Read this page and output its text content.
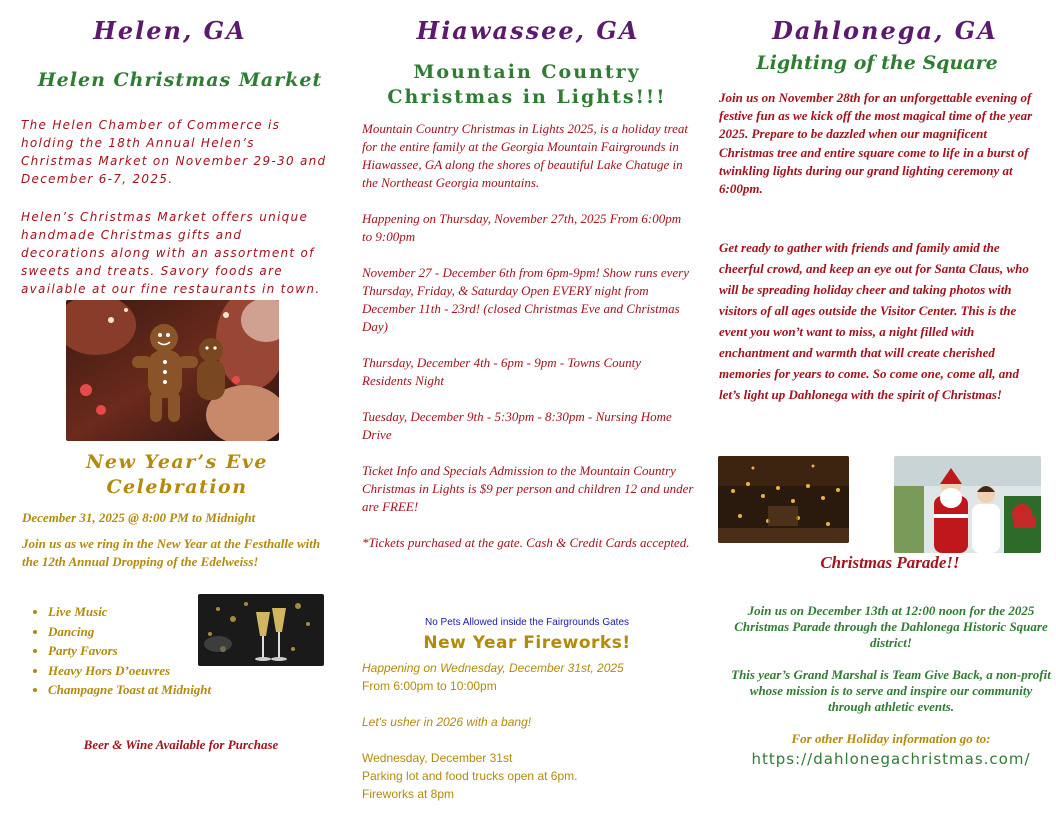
Helen, GA
Helen Christmas Market

The Helen Chamber of Commerce is holding the 18th Annual Helen’s Christmas Market on November 29-30 and December 6-7, 2025.

Helen’s Christmas Market offers unique handmade Christmas gifts and decorations along with an assortment of sweets and treats. Savory foods are available at our fine restaurants in town.

New Year’s Eve Celebration

December 31, 2025 @ 8:00 PM to Midnight

Join us as we ring in the New Year at the Festhalle with the 12th Annual Dropping of the Edelweiss!

• Live Music
• Dancing
• Party Favors
• Heavy Hors D’oeuvres
• Champagne Toast at Midnight

Beer & Wine Available for Purchase

Hiawassee, GA
Mountain Country Christmas in Lights!!!

Mountain Country Christmas in Lights 2025, is a holiday treat for the entire family at the Georgia Mountain Fairgrounds in Hiawassee, GA along the shores of beautiful Lake Chatuge in the Northeast Georgia mountains.

Happening on Thursday, November 27th, 2025 From 6:00pm to 9:00pm

November 27 - December 6th from 6pm-9pm! Show runs every Thursday, Friday, & Saturday Open EVERY night from December 11th - 23rd! (closed Christmas Eve and Christmas Day)

Thursday, December 4th - 6pm - 9pm - Towns County Residents Night

Tuesday, December 9th - 5:30pm - 8:30pm - Nursing Home Drive

Ticket Info and Specials Admission to the Mountain Country Christmas in Lights is $9 per person and children 12 and under are FREE!

*Tickets purchased at the gate. Cash & Credit Cards accepted.

No Pets Allowed inside the Fairgrounds Gates

New Year Fireworks!

Happening on Wednesday, December 31st, 2025

From 6:00pm to 10:00pm

Let's usher in 2026 with a bang!

Wednesday, December 31st

Parking lot and food trucks open at 6pm.

Fireworks at 8pm

Dahlonega, GA
Lighting of the Square

Join us on November 28th for an unforgettable evening of festive fun as we kick off the most magical time of the year 2025. Prepare to be dazzled when our magnificent Christmas tree and entire square come to life in a burst of twinkling lights during our grand lighting ceremony at 6:00pm.

Get ready to gather with friends and family amid the cheerful crowd, and keep an eye out for Santa Claus, who will be spreading holiday cheer and taking photos with visitors of all ages outside the Visitor Center. This is the event you won’t want to miss, a night filled with enchantment and warmth that will create cherished memories for years to come. So come one, come all, and let’s light up Dahlonega with the spirit of Christmas!

Christmas Parade!!

Join us on December 13th at 12:00 noon for the 2025 Christmas Parade through the Dahlonega Historic Square district!

This year’s Grand Marshal is Team Give Back, a non-profit whose mission is to serve and inspire our community through athletic events.

For other Holiday information go to:

https://dahlonegachristmas.com/
